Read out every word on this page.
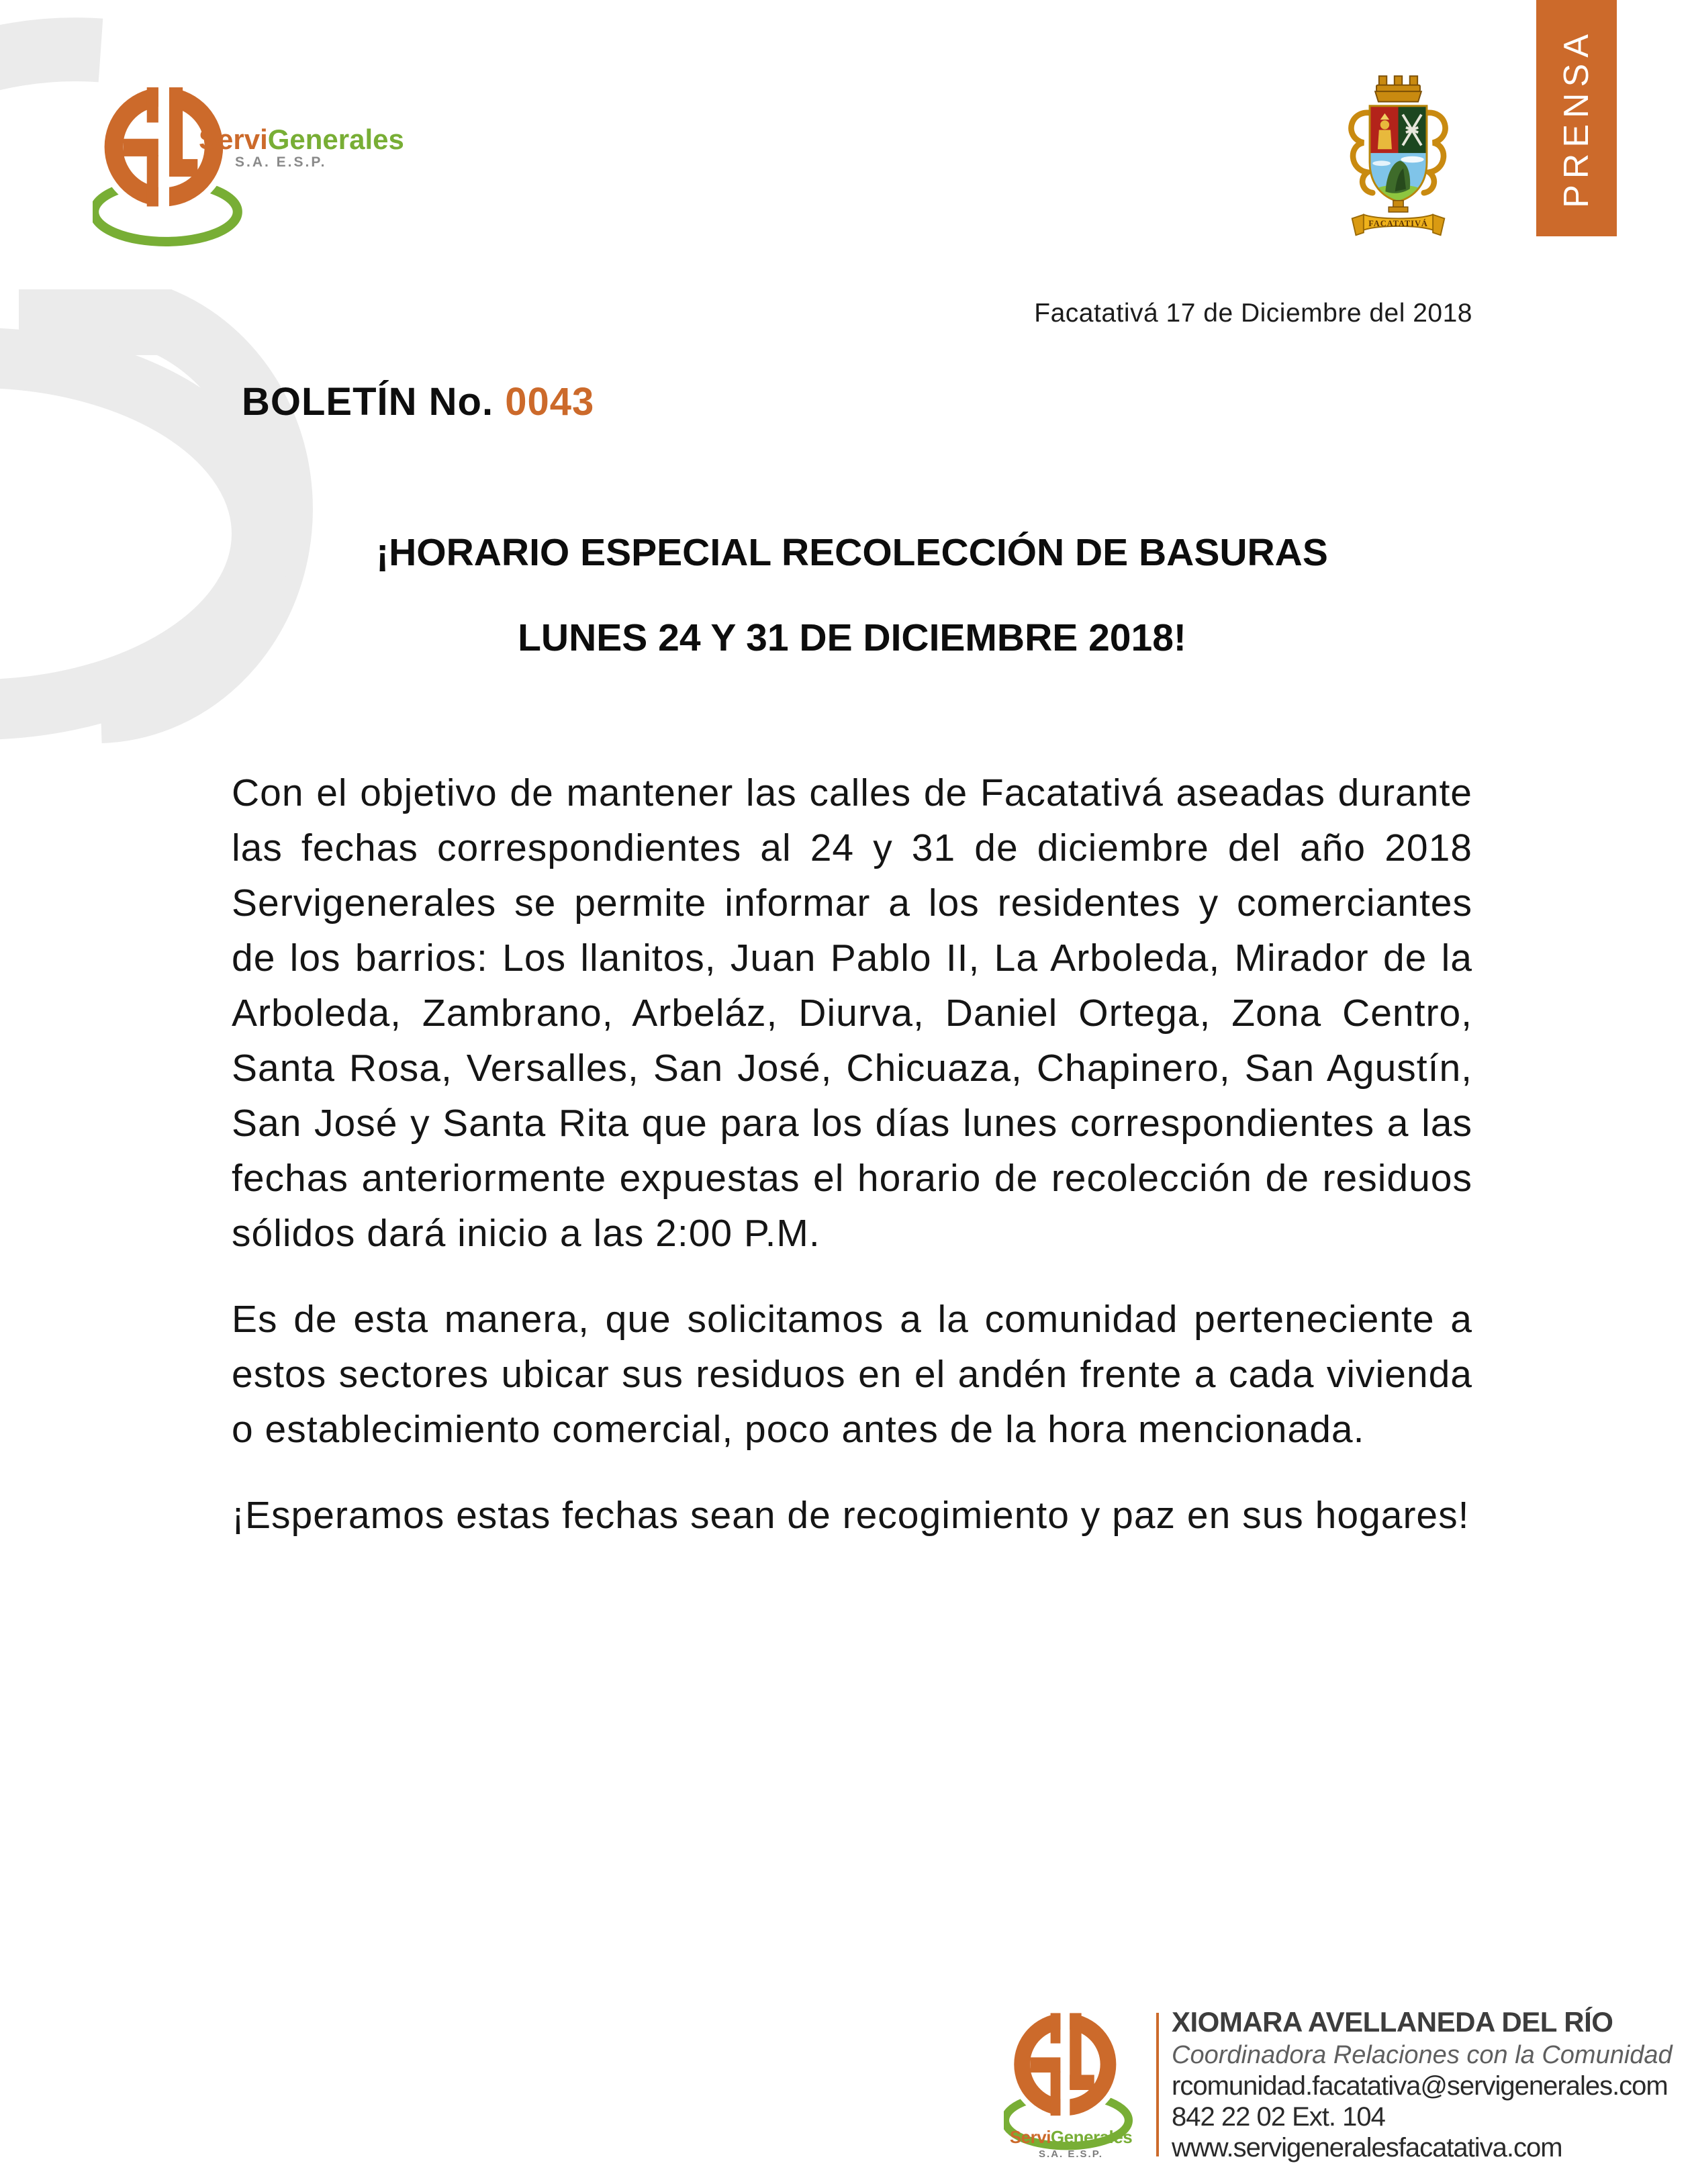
ServiGenerales
S.A. E.S.P.
FACATATIVÁ
PRENSA
Facatativá 17 de Diciembre del 2018
BOLETÍN No. 0043
¡HORARIO ESPECIAL RECOLECCIÓN DE BASURAS
LUNES 24 Y 31 DE DICIEMBRE 2018!

Con el objetivo de mantener las calles de Facatativá aseadas durante las fechas correspondientes al 24 y 31 de diciembre del año 2018 Servigenerales se permite informar a los residentes y comerciantes de los barrios: Los llanitos, Juan Pablo II, La Arboleda, Mirador de la Arboleda, Zambrano, Arbeláz, Diurva, Daniel Ortega, Zona Centro, Santa Rosa, Versalles, San José, Chicuaza, Chapinero, San Agustín, San José y Santa Rita que para los días lunes correspondientes a las fechas anteriormente expuestas el horario de recolección de residuos sólidos dará inicio a las 2:00 P.M.

Es de esta manera, que solicitamos a la comunidad perteneciente a estos sectores ubicar sus residuos en el andén frente a cada vivienda o establecimiento comercial, poco antes de la hora mencionada.

¡Esperamos estas fechas sean de recogimiento y paz en sus hogares!

ServiGenerales
S.A. E.S.P.
XIOMARA AVELLANEDA DEL RÍO
Coordinadora Relaciones con la Comunidad
rcomunidad.facatativa@servigenerales.com
842 22 02 Ext. 104
www.servigeneralesfacatativa.com
